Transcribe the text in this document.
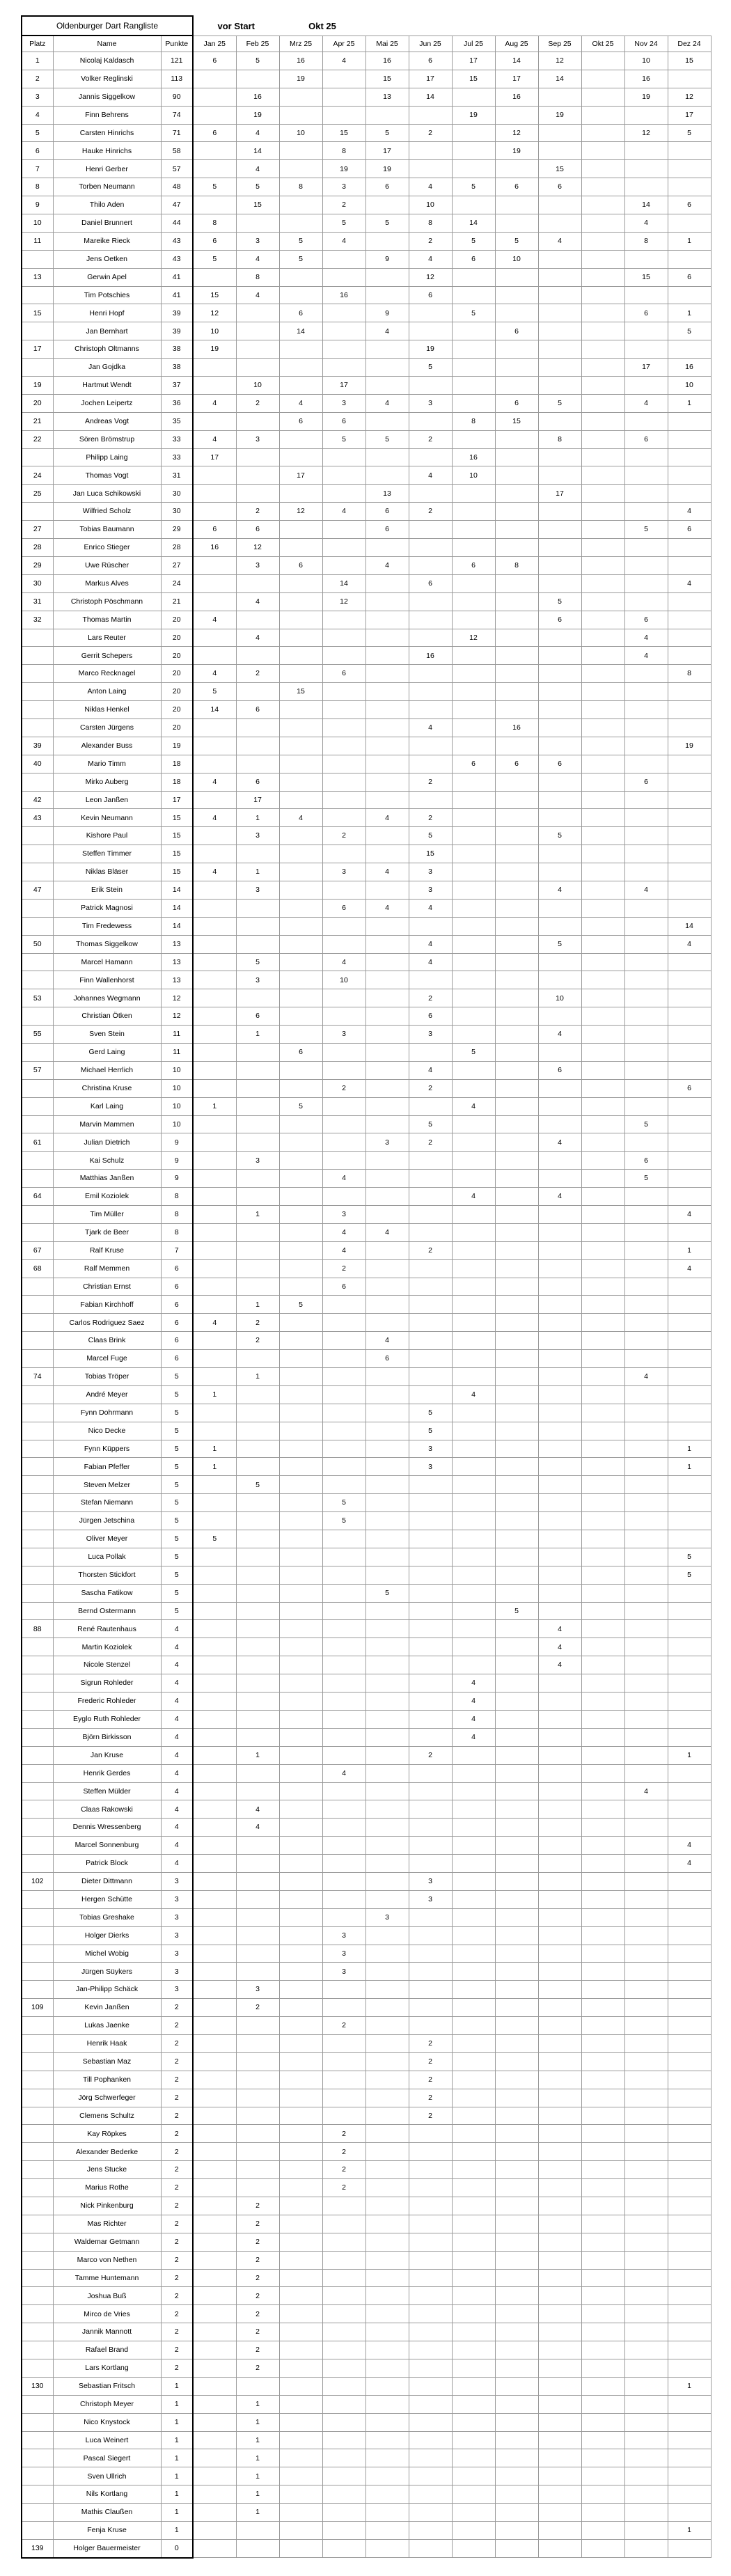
Oldenburger Dart Rangliste			vor Start		Okt 25									
Platz	Name	Punkte	Jan 25	Feb 25	Mrz 25	Apr 25	Mai 25	Jun 25	Jul 25	Aug 25	Sep 25	Okt 25	Nov 24	Dez 24
1	Nicolaj Kaldasch	121	6	5	16	4	16	6	17	14	12		10	15
2	Volker Reglinski	113			19		15	17	15	17	14		16	
3	Jannis Siggelkow	90		16			13	14		16			19	12
4	Finn Behrens	74		19					19		19			17
5	Carsten Hinrichs	71	6	4	10	15	5	2		12			12	5
6	Hauke Hinrichs	58		14		8	17			19				
7	Henri Gerber	57		4		19	19				15			
8	Torben Neumann	48	5	5	8	3	6	4	5	6	6			
9	Thilo Aden	47		15		2		10					14	6
10	Daniel Brunnert	44	8			5	5	8	14				4	
11	Mareike Rieck	43	6	3	5	4		2	5	5	4		8	1
	Jens Oetken	43	5	4	5		9	4	6	10				
13	Gerwin Apel	41		8				12					15	6
	Tim Potschies	41	15	4		16		6						
15	Henri Hopf	39	12		6		9		5				6	1
	Jan Bernhart	39	10		14		4			6				5
17	Christoph Oltmanns	38	19					19						
	Jan Gojdka	38						5					17	16
19	Hartmut Wendt	37		10		17								10
20	Jochen Leipertz	36	4	2	4	3	4	3		6	5		4	1
21	Andreas Vogt	35			6	6			8	15				
22	Sören Brömstrup	33	4	3		5	5	2			8		6	
	Philipp Laing	33	17						16					
24	Thomas Vogt	31			17			4	10					
25	Jan Luca Schikowski	30					13				17			
	Wilfried Scholz	30		2	12	4	6	2						4
27	Tobias Baumann	29	6	6			6						5	6
28	Enrico Stieger	28	16	12										
29	Uwe Rüscher	27		3	6		4		6	8				
30	Markus Alves	24				14		6						4
31	Christoph Pöschmann	21		4		12					5			
32	Thomas Martin	20	4								6		6	
	Lars Reuter	20		4					12				4	
	Gerrit Schepers	20						16					4	
	Marco Recknagel	20	4	2		6								8
	Anton Laing	20	5		15									
	Niklas Henkel	20	14	6										
	Carsten Jürgens	20						4		16				
39	Alexander Buss	19												19
40	Mario Timm	18							6	6	6			
	Mirko Auberg	18	4	6				2					6	
42	Leon Janßen	17		17										
43	Kevin Neumann	15	4	1	4		4	2						
	Kishore Paul	15		3		2		5			5			
	Steffen Timmer	15						15						
	Niklas Bläser	15	4	1		3	4	3						
47	Erik Stein	14		3				3			4		4	
	Patrick Magnosi	14				6	4	4						
	Tim Fredewess	14												14
50	Thomas Siggelkow	13						4			5			4
	Marcel Hamann	13		5		4		4						
	Finn Wallenhorst	13		3		10								
53	Johannes Wegmann	12						2			10			
	Christian Ötken	12		6				6						
55	Sven Stein	11		1		3		3			4			
	Gerd Laing	11			6				5					
57	Michael Herrlich	10						4			6			
	Christina Kruse	10				2		2						6
	Karl Laing	10	1		5				4					
	Marvin Mammen	10						5					5	
61	Julian Dietrich	9					3	2			4			
	Kai Schulz	9		3									6	
	Matthias Janßen	9				4							5	
64	Emil Koziolek	8							4		4			
	Tim Müller	8		1		3								4
	Tjark de Beer	8				4	4							
67	Ralf Kruse	7				4		2						1
68	Ralf Memmen	6				2								4
	Christian Ernst	6				6								
	Fabian Kirchhoff	6		1	5									
	Carlos Rodriguez Saez	6	4	2										
	Claas Brink	6		2			4							
	Marcel Fuge	6					6							
74	Tobias Tröper	5		1									4	
	André Meyer	5	1						4					
	Fynn Dohrmann	5						5						
	Nico Decke	5						5						
	Fynn Küppers	5	1					3						1
	Fabian Pfeffer	5	1					3						1
	Steven Melzer	5		5										
	Stefan Niemann	5				5								
	Jürgen Jetschina	5				5								
	Oliver Meyer	5	5											
	Luca Pollak	5												5
	Thorsten Stickfort	5												5
	Sascha Fatikow	5					5							
	Bernd Ostermann	5								5				
88	René Rautenhaus	4									4			
	Martin Koziolek	4									4			
	Nicole Stenzel	4									4			
	Sigrun Rohleder	4							4					
	Frederic Rohleder	4							4					
	Eyglo Ruth Rohleder	4							4					
	Björn Birkisson	4							4					
	Jan Kruse	4		1				2						1
	Henrik Gerdes	4				4								
	Steffen Mülder	4											4	
	Claas Rakowski	4		4										
	Dennis Wressenberg	4		4										
	Marcel Sonnenburg	4												4
	Patrick Block	4												4
102	Dieter Dittmann	3						3						
	Hergen Schütte	3						3						
	Tobias Greshake	3					3							
	Holger Dierks	3				3								
	Michel Wobig	3				3								
	Jürgen Süykers	3				3								
	Jan-Philipp Schäck	3		3										
109	Kevin Janßen	2		2										
	Lukas Jaenke	2				2								
	Henrik Haak	2						2						
	Sebastian Maz	2						2						
	Till Pophanken	2						2						
	Jörg Schwerfeger	2						2						
	Clemens Schultz	2						2						
	Kay Röpkes	2				2								
	Alexander Bederke	2				2								
	Jens Stucke	2				2								
	Marius Rothe	2				2								
	Nick Pinkenburg	2		2										
	Mas Richter	2		2										
	Waldemar Getmann	2		2										
	Marco von Nethen	2		2										
	Tamme Huntemann	2		2										
	Joshua Buß	2		2										
	Mirco de Vries	2		2										
	Jannik Mannott	2		2										
	Rafael Brand	2		2										
	Lars Kortlang	2		2										
130	Sebastian Fritsch	1												1
	Christoph Meyer	1		1										
	Nico Knystock	1		1										
	Luca Weinert	1		1										
	Pascal Siegert	1		1										
	Sven Ullrich	1		1										
	Nils Kortlang	1		1										
	Mathis Claußen	1		1										
	Fenja Kruse	1												1
139	Holger Bauermeister	0												
